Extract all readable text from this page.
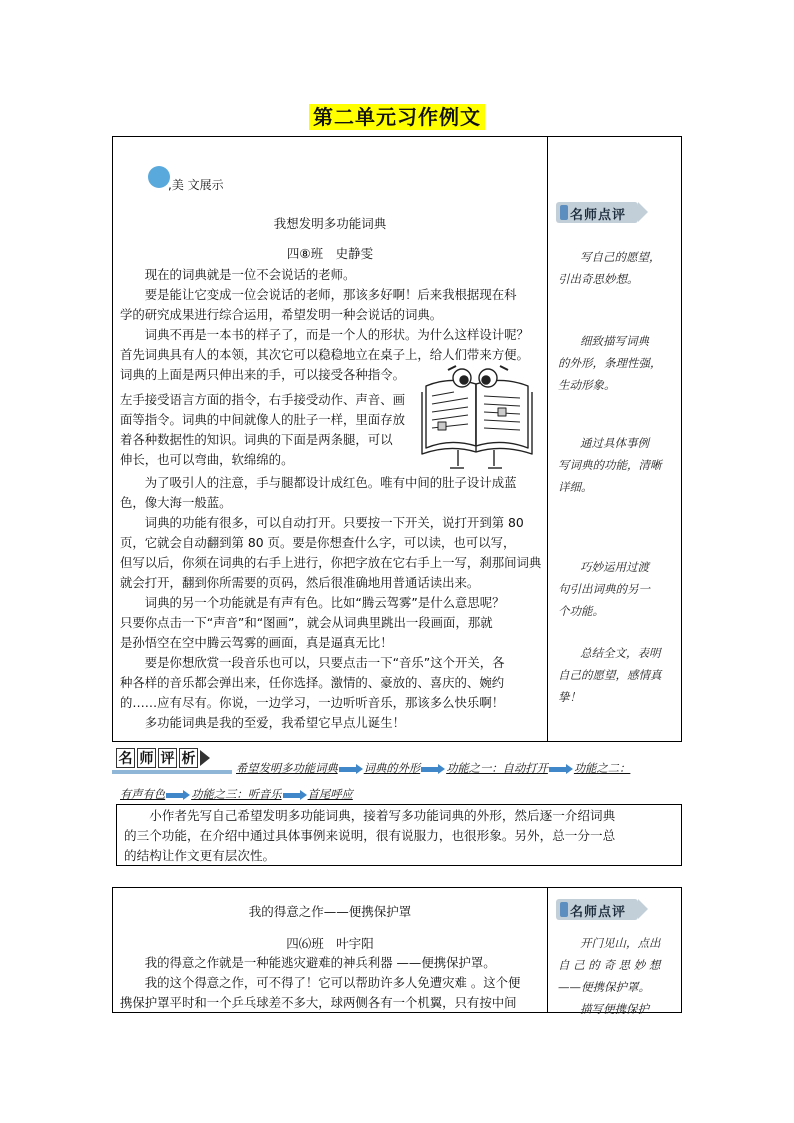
第二单元习作例文
,美 文展示
我想发明多功能词典
四⑧班　史静雯
　　现在的词典就是一位不会说话的老师。
　　要是能让它变成一位会说话的老师，那该多好啊！后来我根据现在科
学的研究成果进行综合运用，希望发明一种会说话的词典。
　　词典不再是一本书的样子了，而是一个人的形状。为什么这样设计呢？
首先词典具有人的本领，其次它可以稳稳地立在桌子上，给人们带来方便。
词典的上面是两只伸出来的手，可以接受各种指令。
左手接受语言方面的指令，右手接受动作、声音、画
面等指令。词典的中间就像人的肚子一样，里面存放
着各种数据性的知识。词典的下面是两条腿，可以
伸长，也可以弯曲，软绵绵的。
　　为了吸引人的注意，手与腿都设计成红色。唯有中间的肚子设计成蓝
色，像大海一般蓝。
　　词典的功能有很多，可以自动打开。只要按一下开关，说打开到第 80
页，它就会自动翻到第 80 页。要是你想查什么字，可以读，也可以写，
但写以后，你须在词典的右手上进行，你把字放在它右手上一写，刹那间词典
就会打开，翻到你所需要的页码，然后很准确地用普通话读出来。
　　词典的另一个功能就是有声有色。比如“腾云驾雾”是什么意思呢？
只要你点击一下“声音”和“图画”，就会从词典里跳出一段画面，那就
是孙悟空在空中腾云驾雾的画面，真是逼真无比！
　　要是你想欣赏一段音乐也可以，只要点击一下“音乐”这个开关，各
种各样的音乐都会弹出来，任你选择。激情的、豪放的、喜庆的、婉约
的……应有尽有。你说，一边学习，一边听听音乐，那该多么快乐啊！
　　多功能词典是我的至爱，我希望它早点儿诞生！
名师点评
写自己的愿望，
引出奇思妙想。
细致描写词典
的外形，条理性强，
生动形象。
通过具体事例
写词典的功能，清晰
详细。
巧妙运用过渡
句引出词典的另一
个功能。
总结全文，表明
自己的愿望，感情真
挚！
名 师 评 析
希望发明多功能词典 词典的外形 功能之一：自动打开 功能之二：
有声有色 功能之三：听音乐 首尾呼应
　　小作者先写自己希望发明多功能词典，接着写多功能词典的外形，然后逐一介绍词典
的三个功能，在介绍中通过具体事例来说明，很有说服力，也很形象。另外，总一分一总
的结构让作文更有层次性。
我的得意之作——便携保护罩
四⑹班　叶宇阳
　　我的得意之作就是一种能逃灾避难的神兵利器 ——便携保护罩。
　　我的这个得意之作，可不得了！它可以帮助许多人免遭灾难 。这个便
携保护罩平时和一个乒乓球差不多大，球两侧各有一个机翼，只有按中间
名师点评
开门见山，点出
自 己 的 奇 思 妙 想
——便携保护罩。
描写便携保护
